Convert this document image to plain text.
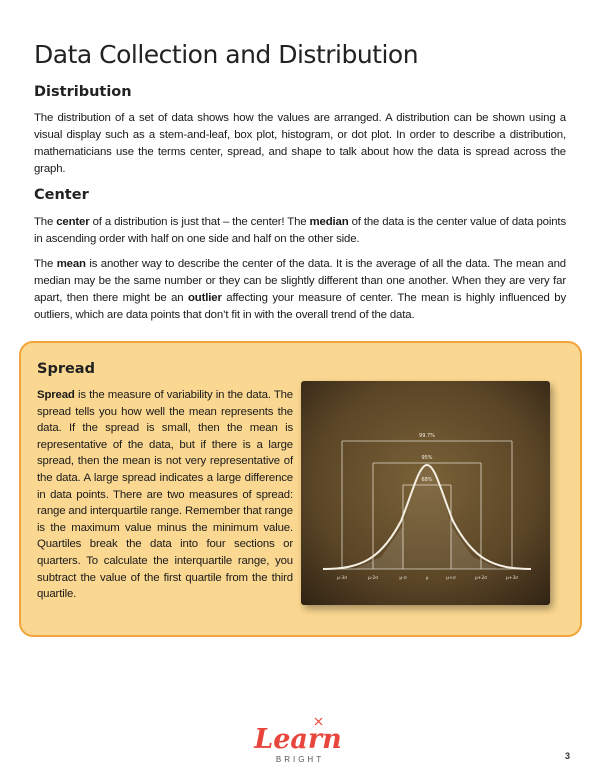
Data Collection and Distribution
Distribution

The distribution of a set of data shows how the values are arranged. A distribution can be shown using a visual display such as a stem-and-leaf, box plot, histogram, or dot plot. In order to describe a distribution, mathematicians use the terms center, spread, and shape to talk about how the data is spread across the graph.

Center

The center of a distribution is just that – the center! The median of the data is the center value of data points in ascending order with half on one side and half on the other side.

The mean is another way to describe the center of the data. It is the average of all the data. The mean and median may be the same number or they can be slightly different than one another. When they are very far apart, then there might be an outlier affecting your measure of center. The mean is highly influenced by outliers, which are data points that don’t fit in with the overall trend of the data.

Spread

Spread is the measure of variability in the data. The spread tells you how well the mean represents the data. If the spread is small, then the mean is representative of the data, but if there is a large spread, then the mean is not very representative of the data. A large spread indicates a large difference in data points. There are two measures of spread: range and interquartile range. Remember that range is the maximum value minus the minimum value. Quartiles break the data into four sections or quarters. To calculate the interquartile range, you subtract the value of the first quartile from the third quartile.

99.7%
95%
68%
μ-3σ	μ-2σ	μ-σ	μ	μ+σ	μ+2σ	μ+3σ
Learn
BRIGHT	3
